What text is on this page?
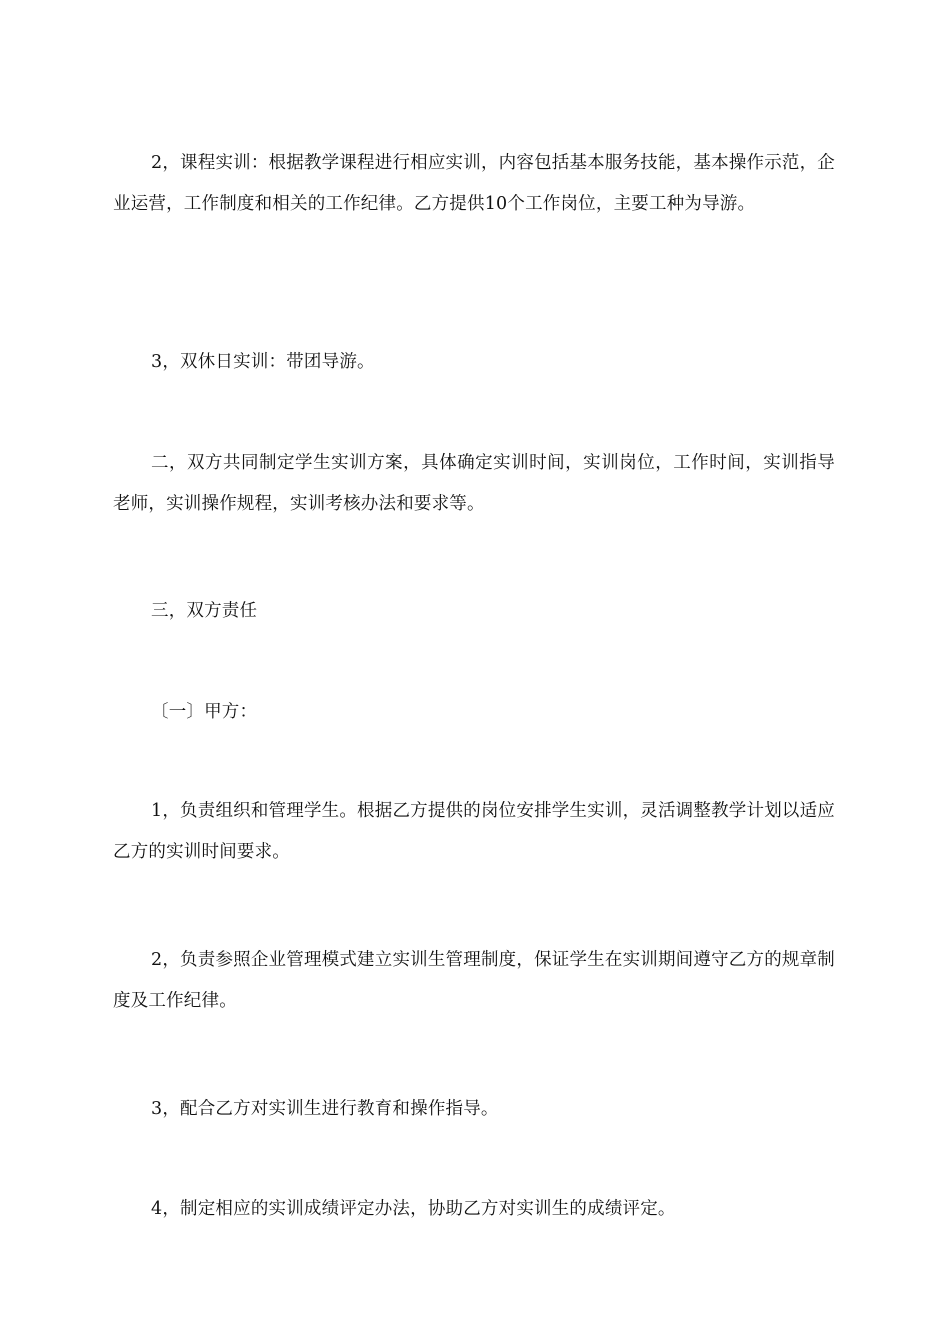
2，课程实训：根据教学课程进行相应实训，内容包括基本服务技能，基本操作示范，企业运营，工作制度和相关的工作纪律。乙方提供10个工作岗位，主要工种为导游。

3，双休日实训：带团导游。

二，双方共同制定学生实训方案，具体确定实训时间，实训岗位，工作时间，实训指导老师，实训操作规程，实训考核办法和要求等。

三，双方责任

〔一〕甲方：

1，负责组织和管理学生。根据乙方提供的岗位安排学生实训，灵活调整教学计划以适应乙方的实训时间要求。

2，负责参照企业管理模式建立实训生管理制度，保证学生在实训期间遵守乙方的规章制度及工作纪律。

3，配合乙方对实训生进行教育和操作指导。

4，制定相应的实训成绩评定办法，协助乙方对实训生的成绩评定。
